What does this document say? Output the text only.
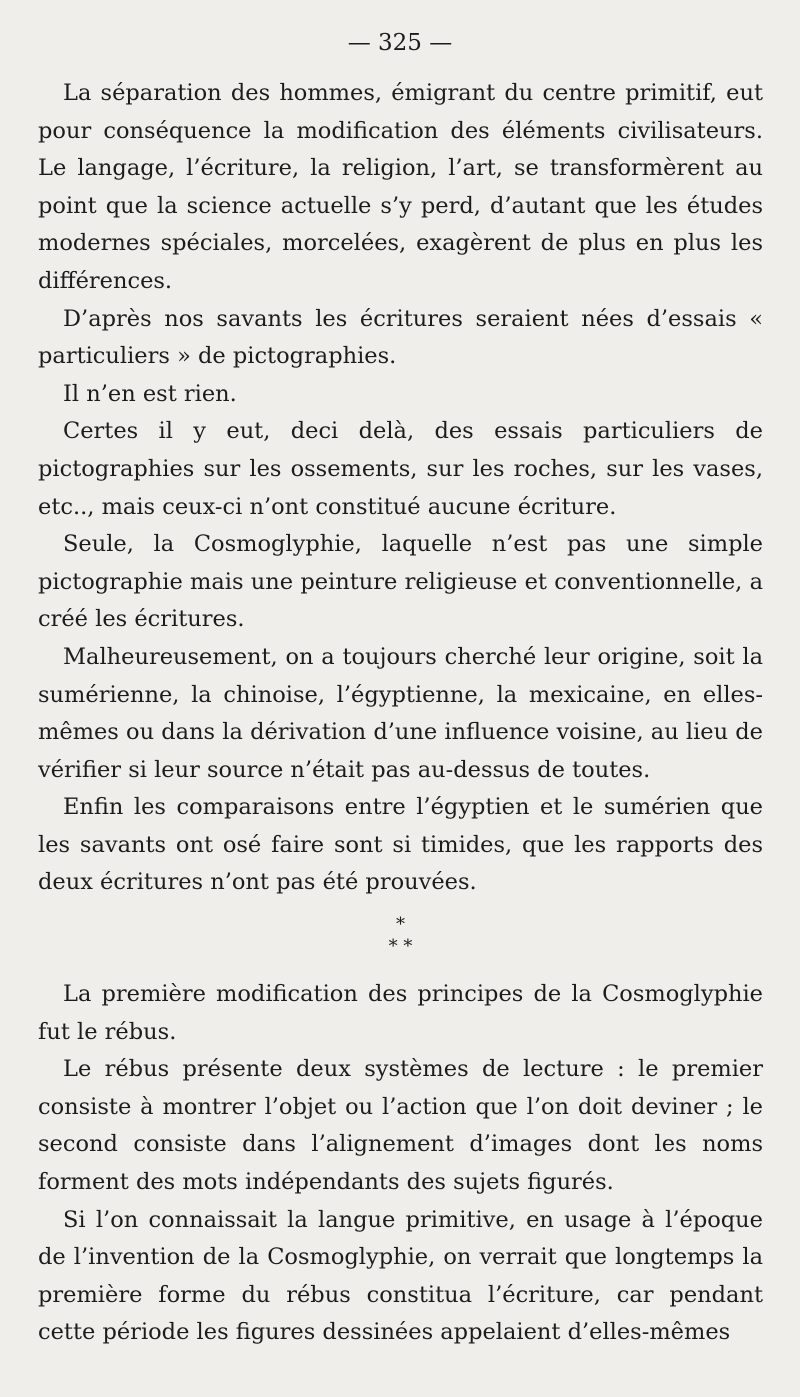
— 325 —

La séparation des hommes, émigrant du centre primitif, eut pour conséquence la modification des éléments civilisateurs. Le langage, l’écriture, la religion, l’art, se transformèrent au point que la science actuelle s’y perd, d’autant que les études modernes spéciales, morcelées, exagèrent de plus en plus les différences.

D’après nos savants les écritures seraient nées d’essais « particuliers » de pictographies.

Il n’en est rien.

Certes il y eut, deci delà, des essais particuliers de pictographies sur les ossements, sur les roches, sur les vases, etc.., mais ceux-ci n’ont constitué aucune écriture.

Seule, la Cosmoglyphie, laquelle n’est pas une simple pictographie mais une peinture religieuse et conventionnelle, a créé les écritures.

Malheureusement, on a toujours cherché leur origine, soit la sumérienne, la chinoise, l’égyptienne, la mexicaine, en elles-mêmes ou dans la dérivation d’une influence voisine, au lieu de vérifier si leur source n’était pas au-dessus de toutes.

Enfin les comparaisons entre l’égyptien et le sumérien que les savants ont osé faire sont si timides, que les rapports des deux écritures n’ont pas été prouvées.

*
* *

La première modification des principes de la Cosmoglyphie fut le rébus.

Le rébus présente deux systèmes de lecture : le premier consiste à montrer l’objet ou l’action que l’on doit deviner ; le second consiste dans l’alignement d’images dont les noms forment des mots indépendants des sujets figurés.

Si l’on connaissait la langue primitive, en usage à l’époque de l’invention de la Cosmoglyphie, on verrait que longtemps la première forme du rébus constitua l’écriture, car pendant cette période les figures dessinées appelaient d’elles-mêmes
